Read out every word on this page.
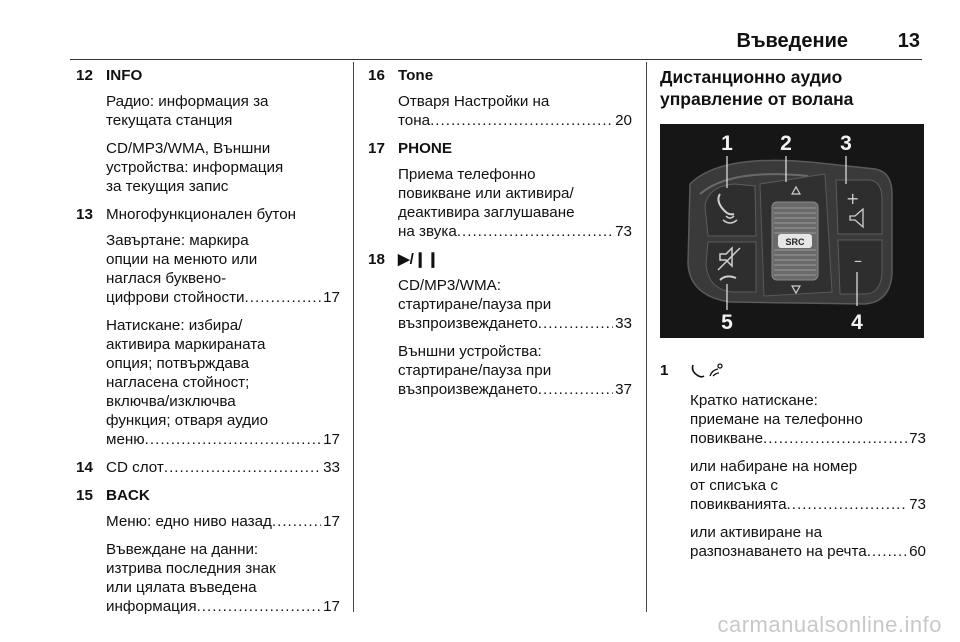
Въведение 13
12 INFO
Радио: информация за
текущата станция
CD/MP3/WMA, Външни
устройства: информация
за текущия запис
13 Многофункционален бутон
Завъртане: маркира
опции на менюто или
наглася буквено-
цифрови стойности .....	17
Натискане: избира/
активира маркираната
опция; потвърждава
нагласена стойност;
включва/изключва
функция; отваря аудио
меню .....	17
14 CD слот .....	33
15 BACK
Меню: едно ниво назад .....	17
Въвеждане на данни:
изтрива последния знак
или цялата въведена
информация .....	17
16 Tone
Отваря Настройки на
тона .....	20
17 PHONE
Приема телефонно
повикване или активира/
деактивира заглушаване
на звука .....	73
18 ▶/❙❙
CD/MP3/WMA:
стартиране/пауза при
възпроизвеждането .....	33
Външни устройства:
стартиране/пауза при
възпроизвеждането .....	37
Дистанционно аудио
управление от волана
SRC
+
–
1 2 3
4
5
1
Кратко натискане:
приемане на телефонно
повикване .....	73
или набиране на номер
от списъка с
повикванията .....	73
или активиране на
разпознаването на речта .....	60
carmanualsonline.info
